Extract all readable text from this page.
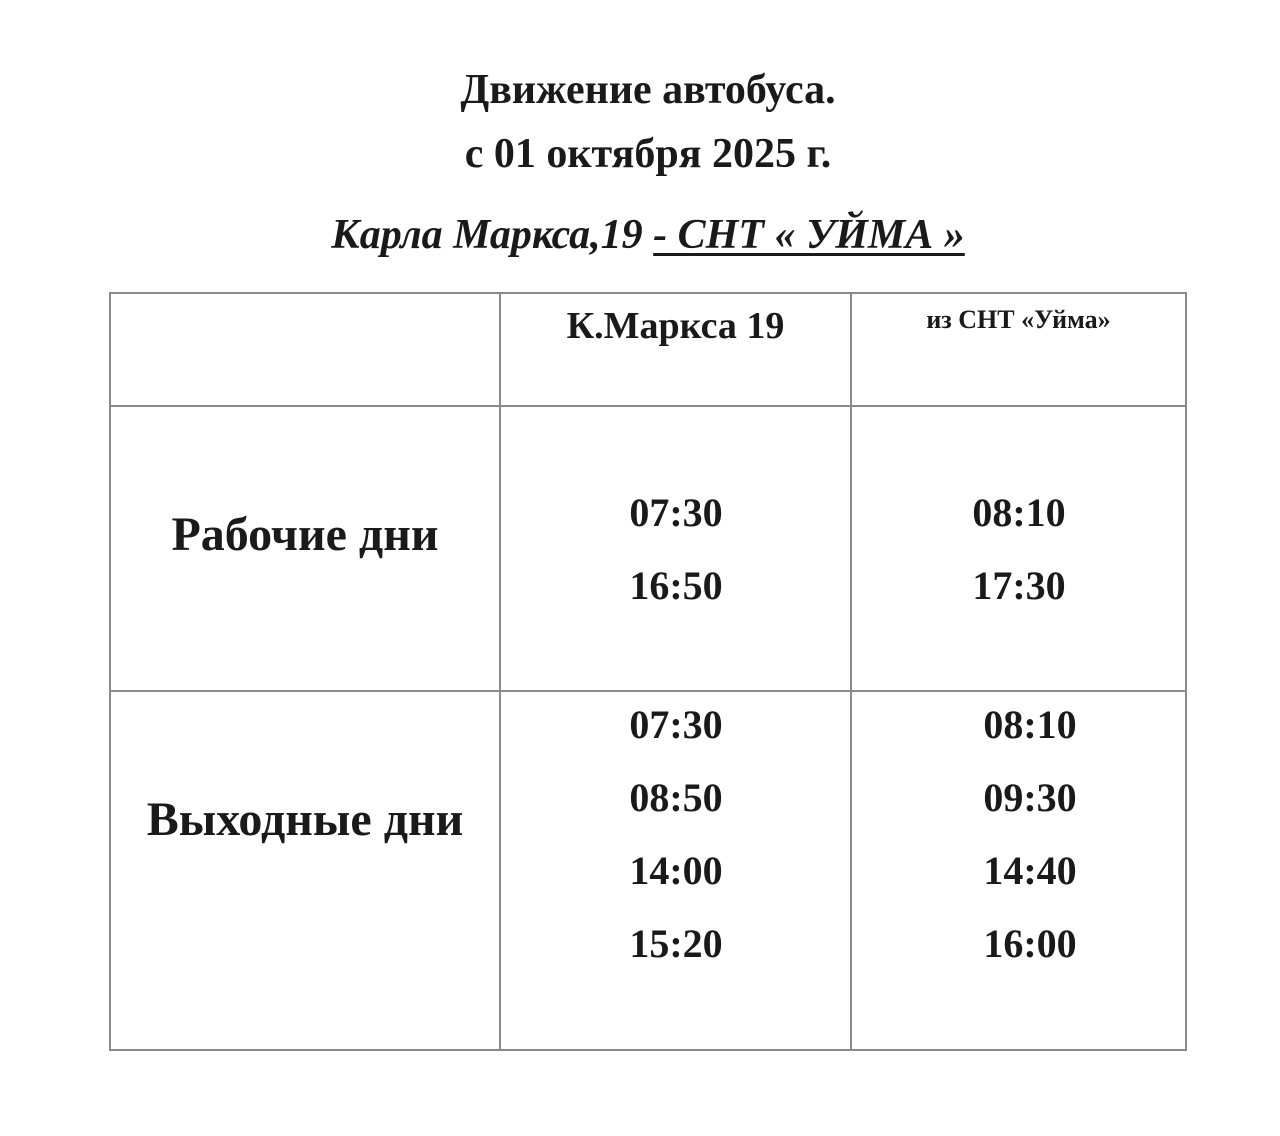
Движение автобуса.
с 01 октября 2025 г.
Карла Маркса,19 - СНТ « УЙМА »
К.Маркса 19	из СНТ «Уйма»
Рабочие дни	07:30
16:50
08:10
17:30
Выходные дни
07:30
08:50
14:00
15:20
08:10
09:30
14:40
16:00
